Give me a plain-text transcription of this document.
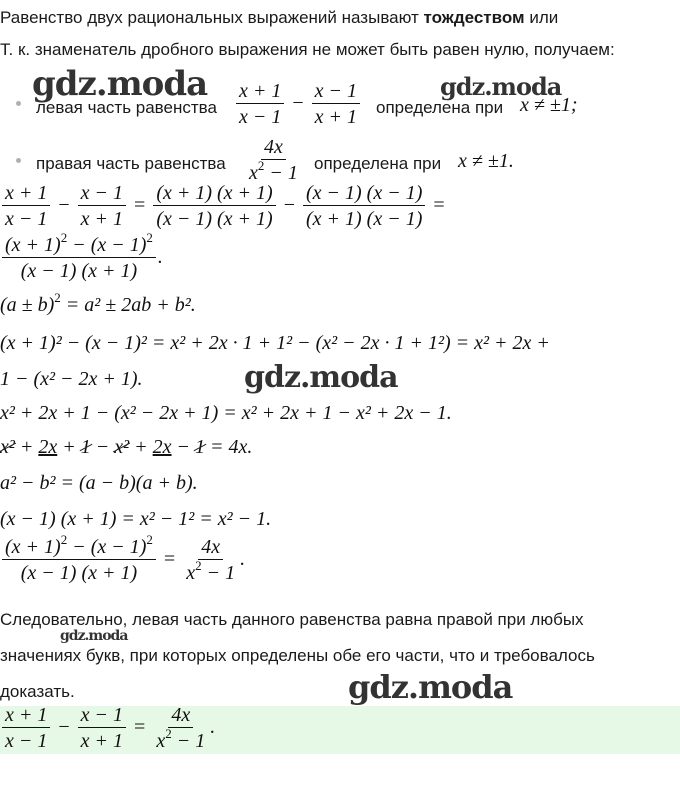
Равенство двух рациональных выражений называют тождеством или
Т. к. знаменатель дробного выражения не может быть равен нулю, получаем:
gdz.moda	gdz.moda
gdz.moda
gdz.moda
gdz.moda
левая часть равенства $\frac{x + 1}{x - 1} - \frac{x - 1}{x + 1}$ определена при x ≠ ±1;
правая часть равенства $\frac{4x}{x^2 - 1}$ определена при x ≠ ±1.
$\frac{x + 1}{x - 1} - \frac{x - 1}{x + 1} = \frac{(x + 1) (x + 1)}{(x - 1) (x + 1)} - \frac{(x - 1) (x - 1)}{(x + 1) (x - 1)}$ =
$\frac{(x + 1)^2 - (x - 1)^2}{(x - 1) (x + 1)}$ .
$(a \pm b)^2 = a^2 \pm 2ab + b^2$.
(x + 1)² − (x − 1)² = x² + 2x · 1 + 1² − (x² − 2x · 1 + 1²) = x² + 2x +
1 − (x² − 2x + 1).
x² + 2x + 1 − (x² − 2x + 1) = x² + 2x + 1 − x² + 2x − 1.
x² + 2x + 1 − x² + 2x − 1 = 4x.
a² − b² = (a − b)(a + b).
(x − 1) (x + 1) = x² − 1² = x² − 1.
$\frac{(x + 1)^2 - (x - 1)^2}{(x - 1) (x + 1)} = \frac{4x}{x^2 - 1}$ .
Следовательно, левая часть данного равенства равна правой при любых
значениях букв, при которых определены обе его части, что и требовалось
доказать.
$\frac{x + 1}{x - 1} - \frac{x - 1}{x + 1} = \frac{4x}{x^2 - 1}$ .
